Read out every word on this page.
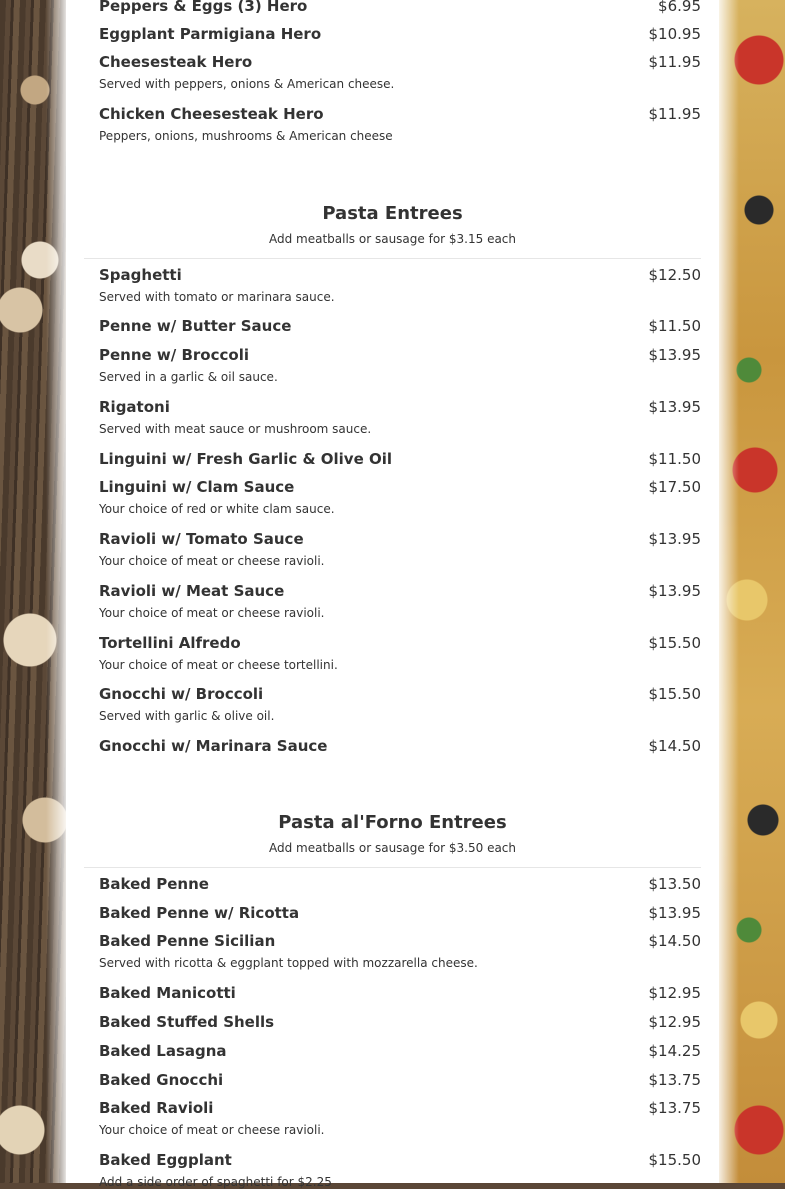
Peppers & Eggs (3) Hero	$6.95
Eggplant Parmigiana Hero	$10.95
Cheesesteak Hero	$11.95
Served with peppers, onions & American cheese.
Chicken Cheesesteak Hero	$11.95
Peppers, onions, mushrooms & American cheese
Pasta Entrees
Add meatballs or sausage for $3.15 each
Spaghetti	$12.50
Served with tomato or marinara sauce.
Penne w/ Butter Sauce	$11.50
Penne w/ Broccoli	$13.95
Served in a garlic & oil sauce.
Rigatoni	$13.95
Served with meat sauce or mushroom sauce.
Linguini w/ Fresh Garlic & Olive Oil	$11.50
Linguini w/ Clam Sauce	$17.50
Your choice of red or white clam sauce.
Ravioli w/ Tomato Sauce	$13.95
Your choice of meat or cheese ravioli.
Ravioli w/ Meat Sauce	$13.95
Your choice of meat or cheese ravioli.
Tortellini Alfredo	$15.50
Your choice of meat or cheese tortellini.
Gnocchi w/ Broccoli	$15.50
Served with garlic & olive oil.
Gnocchi w/ Marinara Sauce	$14.50
Pasta al'Forno Entrees
Add meatballs or sausage for $3.50 each
Baked Penne	$13.50
Baked Penne w/ Ricotta	$13.95
Baked Penne Sicilian	$14.50
Served with ricotta & eggplant topped with mozzarella cheese.
Baked Manicotti	$12.95
Baked Stuffed Shells	$12.95
Baked Lasagna	$14.25
Baked Gnocchi	$13.75
Baked Ravioli	$13.75
Your choice of meat or cheese ravioli.
Baked Eggplant	$15.50
Add a side order of spaghetti for $2.25
